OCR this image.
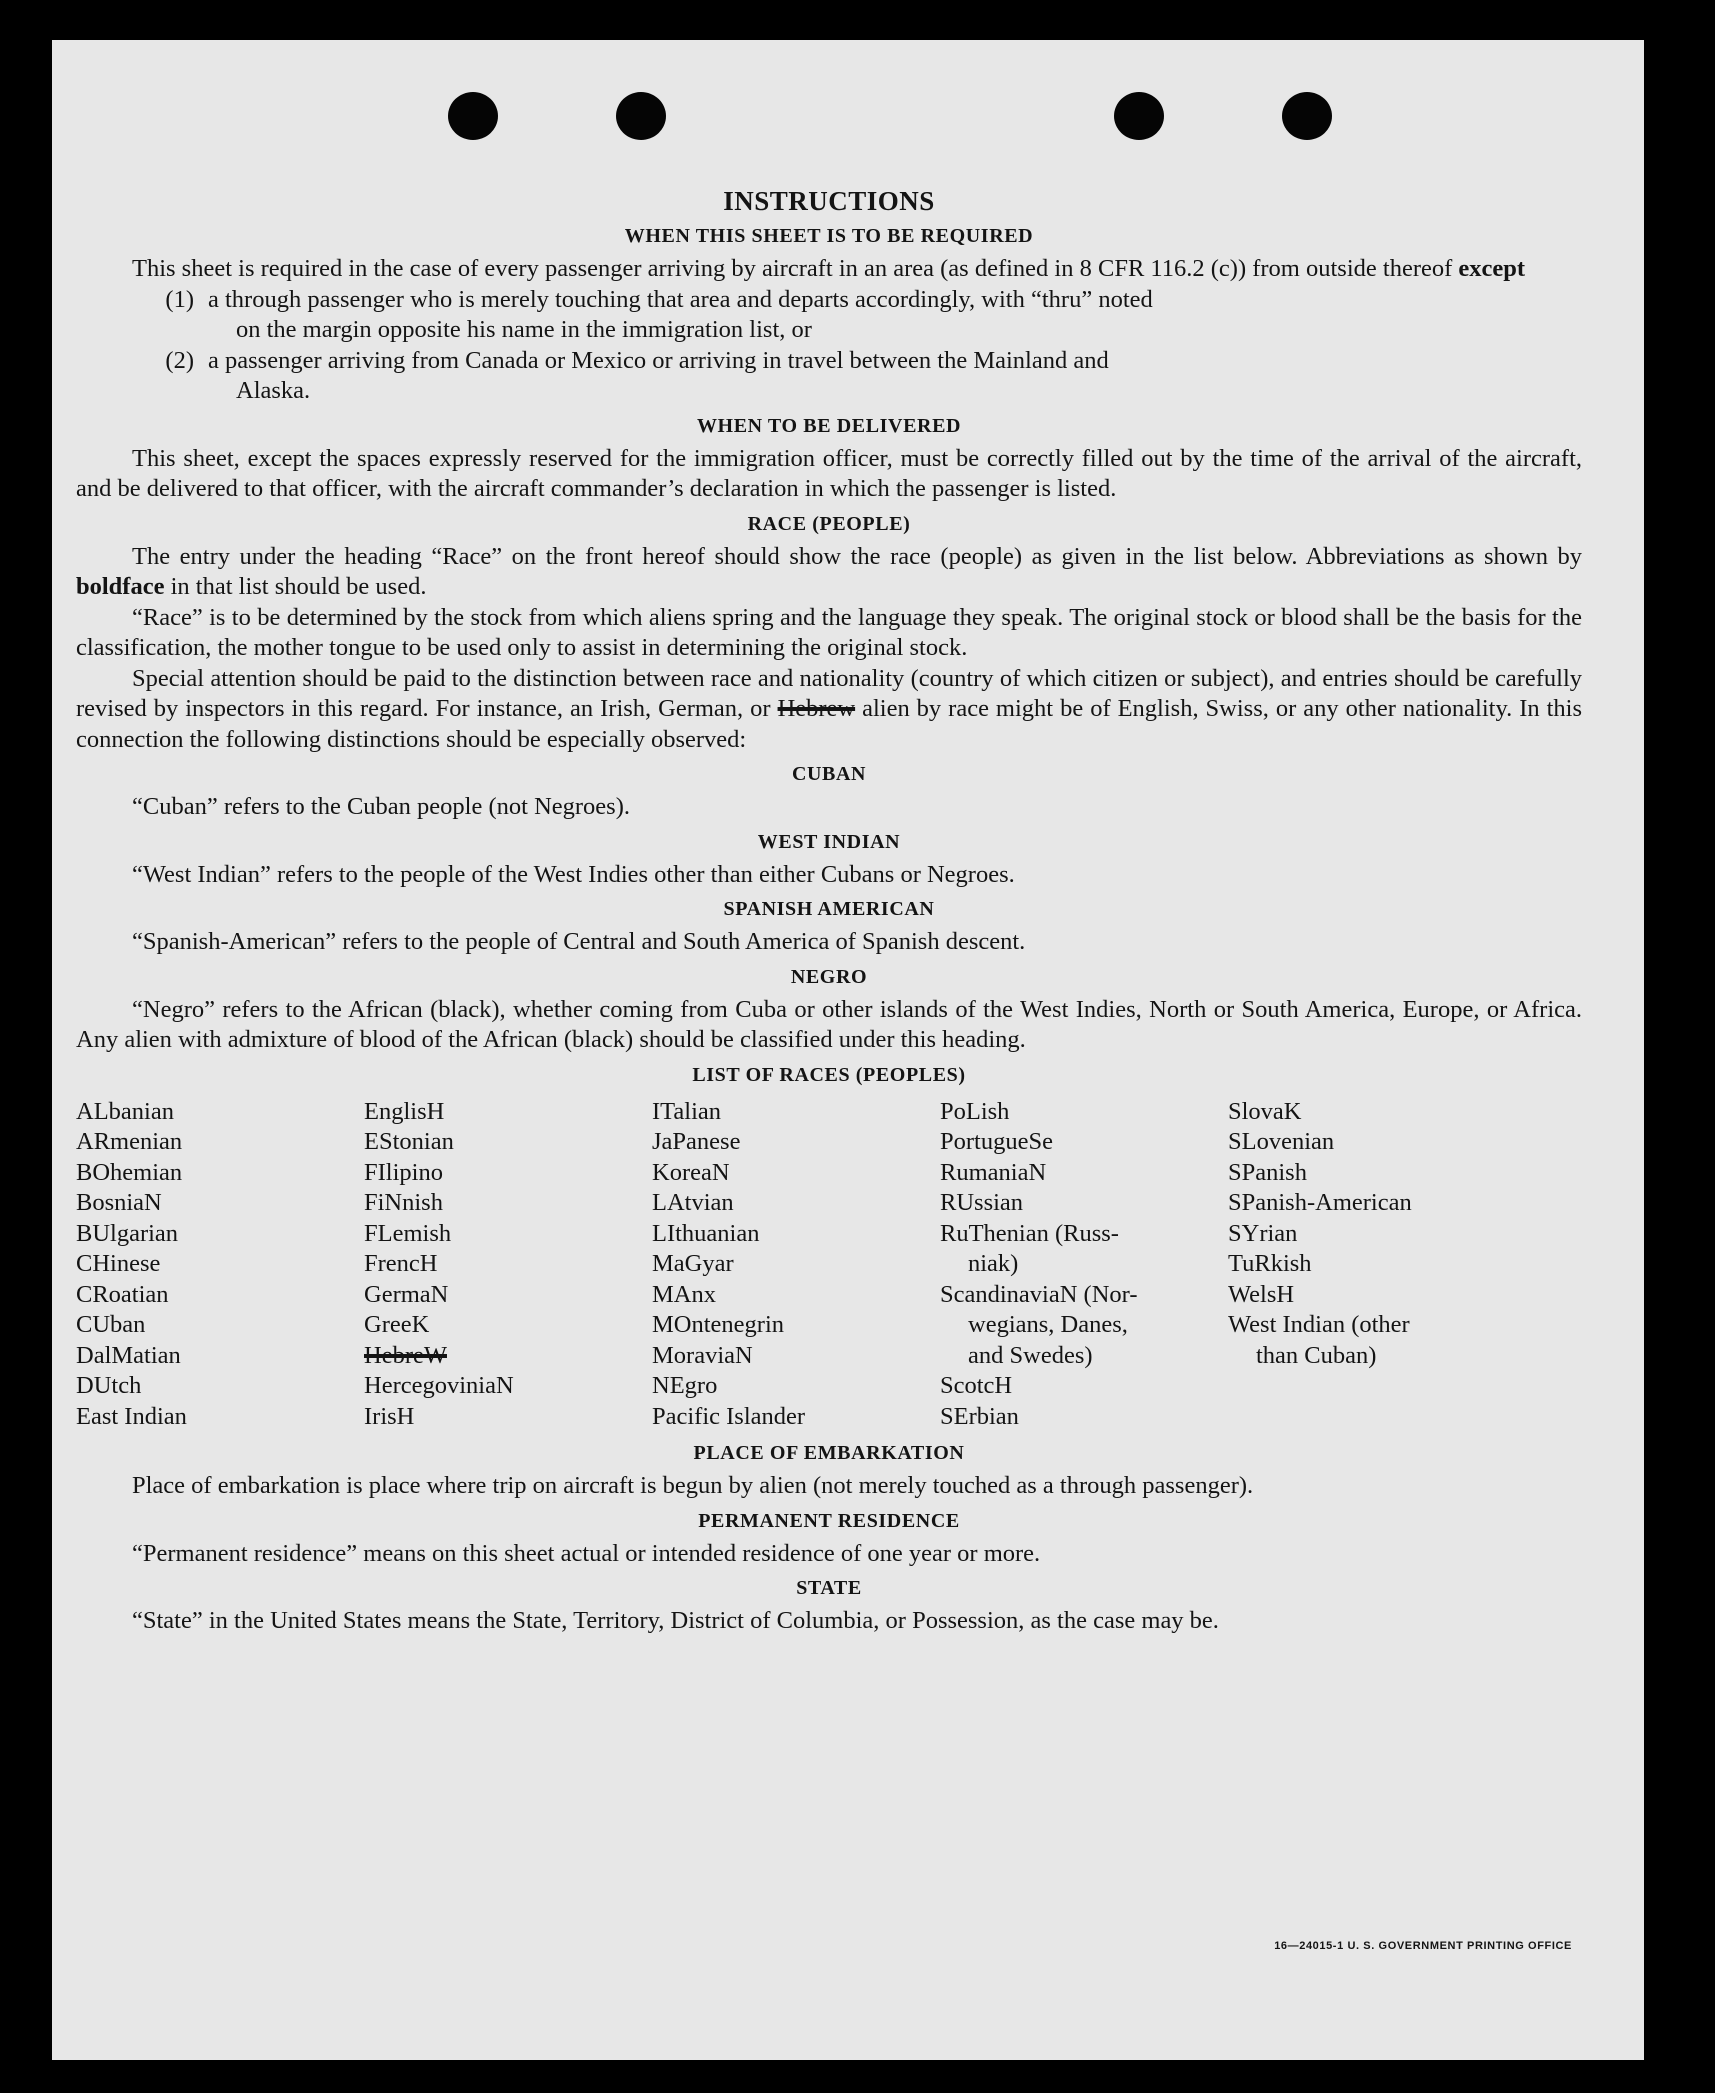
INSTRUCTIONS
WHEN THIS SHEET IS TO BE REQUIRED

This sheet is required in the case of every passenger arriving by aircraft in an area (as defined in 8 CFR 116.2 (c)) from outside thereof except

(1) a through passenger who is merely touching that area and departs accordingly, with “thru” noted
on the margin opposite his name in the immigration list, or
(2) a passenger arriving from Canada or Mexico or arriving in travel between the Mainland and
Alaska.
WHEN TO BE DELIVERED

This sheet, except the spaces expressly reserved for the immigration officer, must be correctly filled out by the time of the arrival of the aircraft, and be delivered to that officer, with the aircraft commander’s declaration in which the passenger is listed.

RACE (PEOPLE)

The entry under the heading “Race” on the front hereof should show the race (people) as given in the list below. Abbreviations as shown by boldface in that list should be used.

“Race” is to be determined by the stock from which aliens spring and the language they speak. The original stock or blood shall be the basis for the classification, the mother tongue to be used only to assist in determining the original stock.

Special attention should be paid to the distinction between race and nationality (country of which citizen or subject), and entries should be carefully revised by inspectors in this regard. For instance, an Irish, German, or Hebrew alien by race might be of English, Swiss, or any other nationality. In this connection the following distinctions should be especially observed:

CUBAN

“Cuban” refers to the Cuban people (not Negroes).

WEST INDIAN

“West Indian” refers to the people of the West Indies other than either Cubans or Negroes.

SPANISH AMERICAN

“Spanish-American” refers to the people of Central and South America of Spanish descent.

NEGRO

“Negro” refers to the African (black), whether coming from Cuba or other islands of the West Indies, North or South America, Europe, or Africa. Any alien with admixture of blood of the African (black) should be classified under this heading.

LIST OF RACES (PEOPLES)
ALbanian
ARmenian
BOhemian
BosniaN
BUlgarian
CHinese
CRoatian
CUban
DalMatian
DUtch
East Indian
EnglisH
EStonian
FIlipino
FiNnish
FLemish
FrencH
GermaN
GreeK
HebreW
HercegoviniaN
IrisH
ITalian
JaPanese
KoreaN
LAtvian
LIthuanian
MaGyar
MAnx
MOntenegrin
MoraviaN
NEgro
Pacific Islander
PoLish
PortugueSe
RumaniaN
RUssian
RuThenian (Russ-
niak)
ScandinaviaN (Nor-
wegians, Danes,
and Swedes)
ScotcH
SErbian
SlovaK
SLovenian
SPanish
SPanish-American
SYrian
TuRkish
WelsH
West Indian (other
than Cuban)
PLACE OF EMBARKATION

Place of embarkation is place where trip on aircraft is begun by alien (not merely touched as a through passenger).

PERMANENT RESIDENCE

“Permanent residence” means on this sheet actual or intended residence of one year or more.

STATE

“State” in the United States means the State, Territory, District of Columbia, or Possession, as the case may be.

16—24015-1 U. S. GOVERNMENT PRINTING OFFICE
